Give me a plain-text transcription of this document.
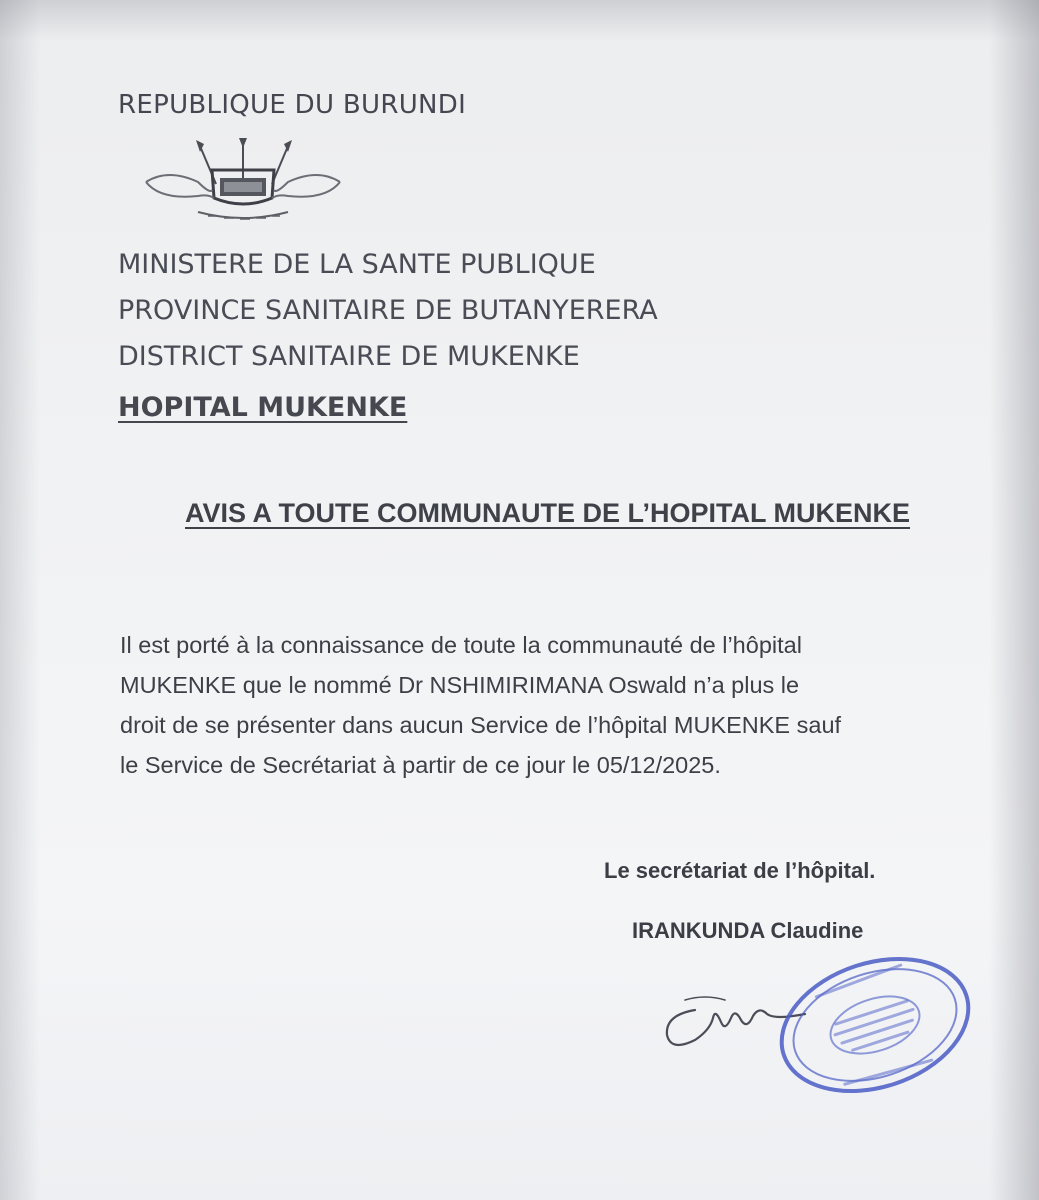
REPUBLIQUE DU BURUNDI
MINISTERE DE LA SANTE PUBLIQUE
PROVINCE SANITAIRE DE BUTANYERERA
DISTRICT SANITAIRE DE MUKENKE
HOPITAL MUKENKE
AVIS A TOUTE COMMUNAUTE DE L’HOPITAL MUKENKE
Il est porté à la connaissance de toute la communauté de l’hôpital
MUKENKE que le nommé Dr NSHIMIRIMANA Oswald n’a plus le
droit de se présenter dans aucun Service de l’hôpital MUKENKE sauf
le Service de Secrétariat à partir de ce jour le 05/12/2025.
Le secrétariat de l’hôpital.
IRANKUNDA Claudine
